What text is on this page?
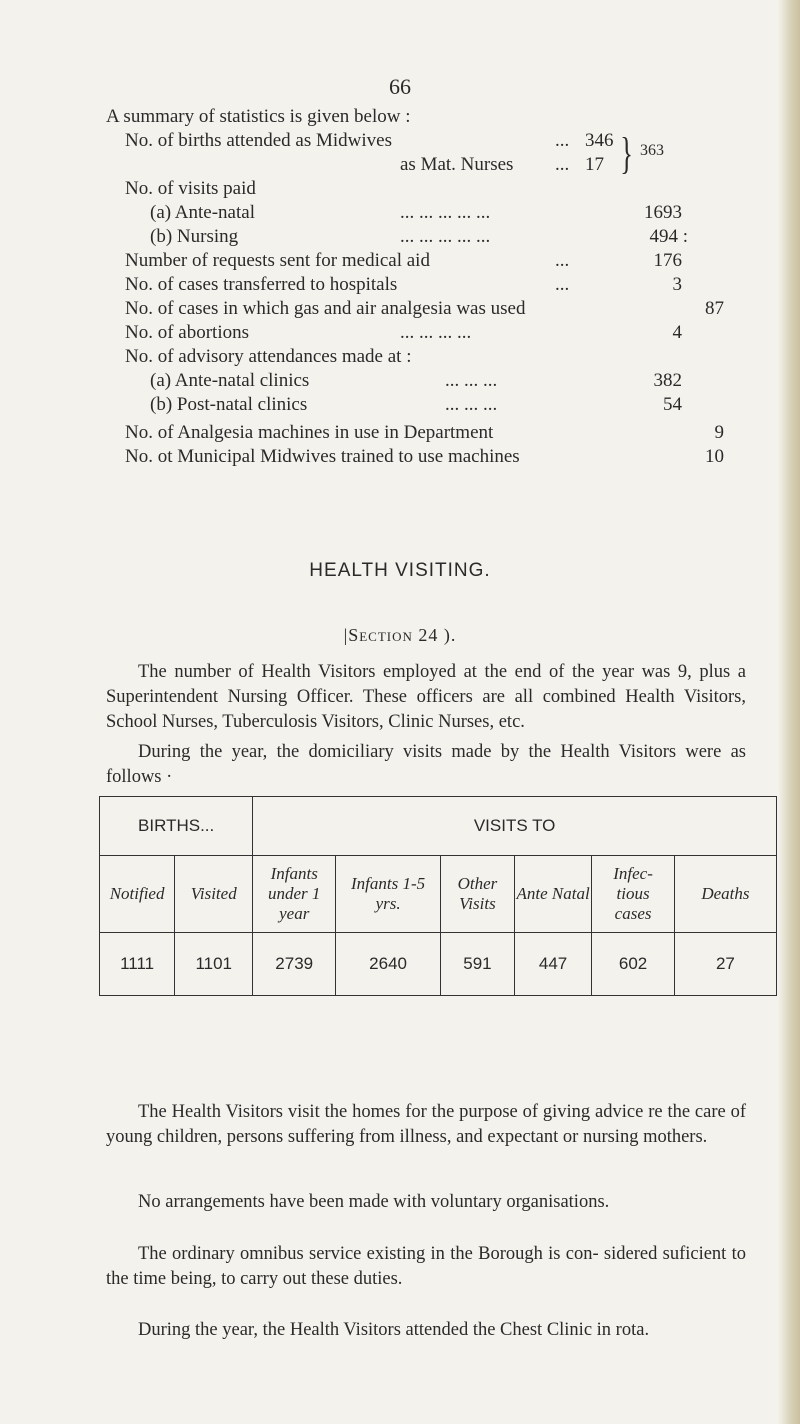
66
A summary of statistics is given below :
No. of births attended as Midwives	... 346
as Mat. Nurses ... 17 } 363
No. of visits paid
(a) Ante-natal	... ... ... ... ...	1693
(b) Nursing	... ... ... ... ...	494 :
Number of requests sent for medical aid	...	176
No. of cases transferred to hospitals	...	3
No. of cases in which gas and air analgesia was used	87
No. of abortions	... ... ... ...	4
No. of advisory attendances made at :
(a) Ante-natal clinics	... ... ...	382
(b) Post-natal clinics	... ... ...	54
No. of Analgesia machines in use in Department	9
No. ot Municipal Midwives trained to use machines	10
HEALTH VISITING.
|Section 24 ).
The number of Health Visitors employed at the end of the year was 9, plus a Superintendent Nursing Officer. These officers are all combined Health Visitors, School Nurses, Tuberculosis Visitors, Clinic Nurses, etc.
During the year, the domiciliary visits made by the Health Visitors were as follows ·
BIRTHS...		VISITS TO					
Notified	Visited	Infants under 1 year	Infants 1-5 yrs.	Other Visits	Ante Natal	Infec- tious cases	Deaths
1111	1101	2739	2640	591	447	602	27
The Health Visitors visit the homes for the purpose of giving advice re the care of young children, persons suffering from illness, and expectant or nursing mothers.
No arrangements have been made with voluntary organisations.
The ordinary omnibus service existing in the Borough is con- sidered suficient to the time being, to carry out these duties.
During the year, the Health Visitors attended the Chest Clinic in rota.
